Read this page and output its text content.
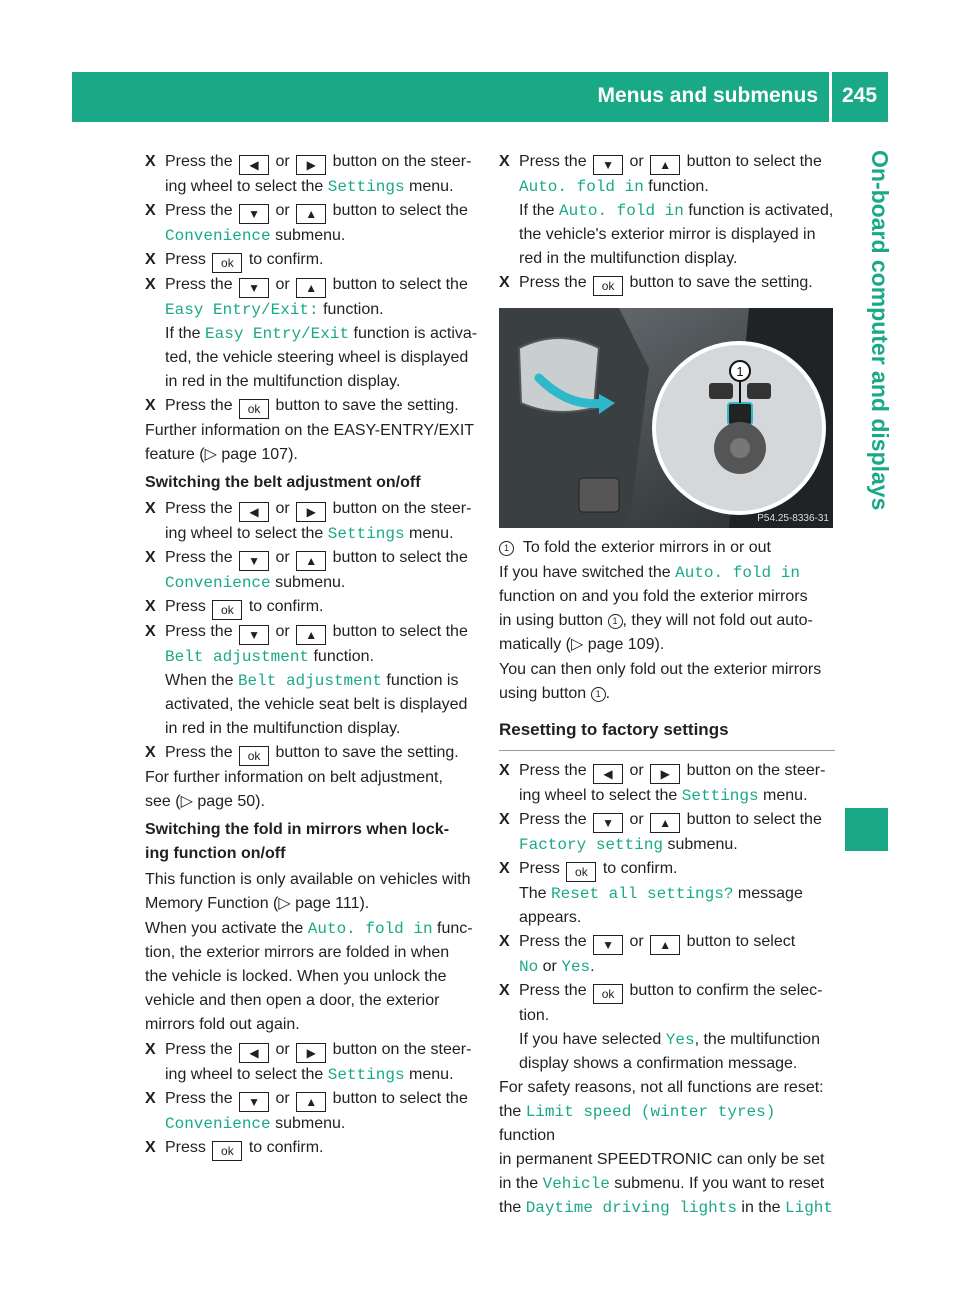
Menus and submenus 245
On-board computer and displays

X Press the ◀ or ▶ button on the steer-
ing wheel to select the Settings menu.

X Press the ▼ or ▲ button to select the
Convenience submenu.

X Press ok to confirm.

X Press the ▼ or ▲ button to select the
Easy Entry/Exit: function.
If the Easy Entry/Exit function is activa-
ted, the vehicle steering wheel is displayed
in red in the multifunction display.

X Press the ok button to save the setting.

Further information on the EASY-ENTRY/EXIT
feature (▷ page 107).

Switching the belt adjustment on/off

X Press the ◀ or ▶ button on the steer-
ing wheel to select the Settings menu.

X Press the ▼ or ▲ button to select the
Convenience submenu.

X Press ok to confirm.

X Press the ▼ or ▲ button to select the
Belt adjustment function.
When the Belt adjustment function is
activated, the vehicle seat belt is displayed
in red in the multifunction display.

X Press the ok button to save the setting.

For further information on belt adjustment,
see (▷ page 50).

Switching the fold in mirrors when lock-
ing function on/off

This function is only available on vehicles with
Memory Function (▷ page 111).

When you activate the Auto. fold in func-
tion, the exterior mirrors are folded in when
the vehicle is locked. When you unlock the
vehicle and then open a door, the exterior
mirrors fold out again.

X Press the ◀ or ▶ button on the steer-
ing wheel to select the Settings menu.

X Press the ▼ or ▲ button to select the
Convenience submenu.

X Press ok to confirm.

X Press the ▼ or ▲ button to select the
Auto. fold in function.
If the Auto. fold in function is activated,
the vehicle's exterior mirror is displayed in
red in the multifunction display.

X Press the ok button to save the setting.

1
P54.25-8336-31

1 To fold the exterior mirrors in or out

If you have switched the Auto. fold in
function on and you fold the exterior mirrors
in using button 1 , they will not fold out auto-
matically (▷ page 109).

You can then only fold out the exterior mirrors
using button 1 .

Resetting to factory settings

X Press the ◀ or ▶ button on the steer-
ing wheel to select the Settings menu.

X Press the ▼ or ▲ button to select the
Factory setting submenu.

X Press ok to confirm.
The Reset all settings? message
appears.

X Press the ▼ or ▲ button to select
No or Yes.

X Press the ok button to confirm the selec-
tion.
If you have selected Yes, the multifunction
display shows a confirmation message.

For safety reasons, not all functions are reset:
the Limit speed (winter tyres) function
in permanent SPEEDTRONIC can only be set
in the Vehicle submenu. If you want to reset
the Daytime driving lights in the Light
